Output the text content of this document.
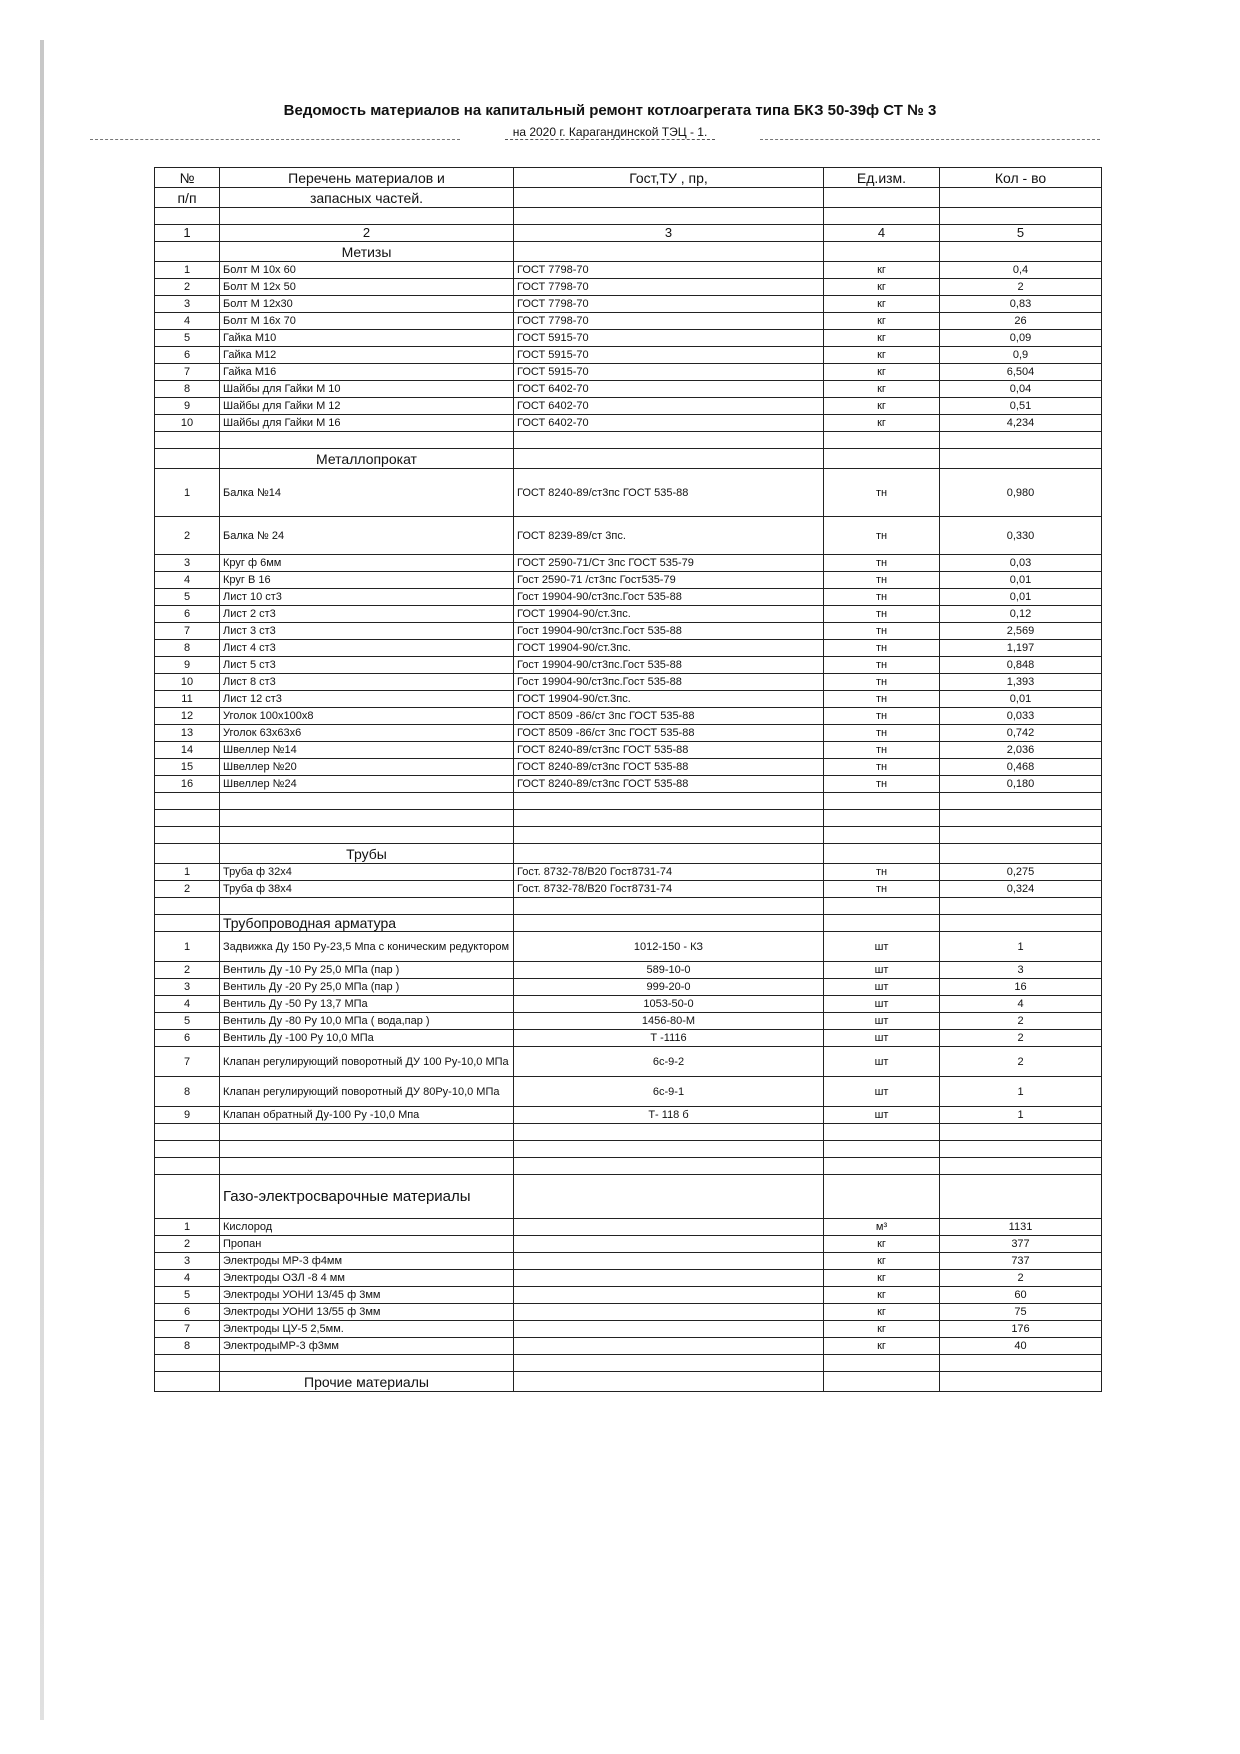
Ведомость материалов на капитальный ремонт котлоагрегата типа БКЗ 50-39ф СТ № 3
на 2020 г. Карагандинской ТЭЦ - 1.
№	Перечень материалов и	Гост,ТУ , пр,	Ед.изм.	Кол - во
п/п	запасных частей.			

1	2	3	4	5
	Метизы			
1	Болт М 10х 60	ГОСТ 7798-70	кг	0,4
2	Болт М 12х 50	ГОСТ 7798-70	кг	2
3	Болт М 12х30	ГОСТ 7798-70	кг	0,83
4	Болт М 16х 70	ГОСТ 7798-70	кг	26
5	Гайка М10	ГОСТ 5915-70	кг	0,09
6	Гайка М12	ГОСТ 5915-70	кг	0,9
7	Гайка М16	ГОСТ 5915-70	кг	6,504
8	Шайбы для Гайки М 10	ГОСТ 6402-70	кг	0,04
9	Шайбы для Гайки М 12	ГОСТ 6402-70	кг	0,51
10	Шайбы для Гайки М 16	ГОСТ 6402-70	кг	4,234

	Металлопрокат			
1	Балка №14	ГОСТ 8240-89/ст3пс ГОСТ 535-88	тн	0,980
2	Балка № 24	ГОСТ 8239-89/ст 3пс.	тн	0,330
3	Круг ф 6мм	ГОСТ 2590-71/Ст 3пс ГОСТ 535-79	тн	0,03
4	Круг В 16	Гост 2590-71 /ст3пс Гост535-79	тн	0,01
5	Лист 10 ст3	Гост 19904-90/ст3пс.Гост 535-88	тн	0,01
6	Лист 2 ст3	ГОСТ 19904-90/ст.3пс.	тн	0,12
7	Лист 3 ст3	Гост 19904-90/ст3пс.Гост 535-88	тн	2,569
8	Лист 4 ст3	ГОСТ 19904-90/ст.3пс.	тн	1,197
9	Лист 5 ст3	Гост 19904-90/ст3пс.Гост 535-88	тн	0,848
10	Лист 8 ст3	Гост 19904-90/ст3пс.Гост 535-88	тн	1,393
11	Лист 12 ст3	ГОСТ 19904-90/ст.3пс.	тн	0,01
12	Уголок 100х100х8	ГОСТ 8509 -86/ст 3пс ГОСТ 535-88	тн	0,033
13	Уголок 63х63х6	ГОСТ 8509 -86/ст 3пс ГОСТ 535-88	тн	0,742
14	Швеллер №14	ГОСТ 8240-89/ст3пс ГОСТ 535-88	тн	2,036
15	Швеллер №20	ГОСТ 8240-89/ст3пс ГОСТ 535-88	тн	0,468
16	Швеллер №24	ГОСТ 8240-89/ст3пс ГОСТ 535-88	тн	0,180

	Трубы			
1	Труба ф 32х4	Гост. 8732-78/В20 Гост8731-74	тн	0,275
2	Труба ф 38х4	Гост. 8732-78/В20 Гост8731-74	тн	0,324

	Трубопроводная арматура			
1	Задвижка Ду 150 Ру-23,5 Мпа с коническим редуктором	1012-150 - КЗ	шт	1
2	Вентиль Ду -10 Ру 25,0 МПа (пар )	589-10-0	шт	3
3	Вентиль Ду -20 Ру 25,0 МПа (пар )	999-20-0	шт	16
4	Вентиль Ду -50 Ру 13,7 МПа	1053-50-0	шт	4
5	Вентиль Ду -80 Ру 10,0 МПа ( вода,пар )	1456-80-М	шт	2
6	Вентиль Ду -100 Ру 10,0 МПа	Т -1116	шт	2
7	Клапан регулирующий поворотный ДУ 100 Ру-10,0 МПа	6с-9-2	шт	2
8	Клапан регулирующий поворотный ДУ 80Ру-10,0 МПа	6с-9-1	шт	1
9	Клапан обратный Ду-100 Ру -10,0 Мпа	Т- 118 б	шт	1

	Газо-электросварочные материалы			
1	Кислород		м³	1131
2	Пропан		кг	377
3	Электроды МР-3 ф4мм		кг	737
4	Электроды ОЗЛ -8 4 мм		кг	2
5	Электроды УОНИ 13/45 ф 3мм		кг	60
6	Электроды УОНИ 13/55 ф 3мм		кг	75
7	Электроды ЦУ-5 2,5мм.		кг	176
8	ЭлектродыМР-3 ф3мм		кг	40

	Прочие материалы			
